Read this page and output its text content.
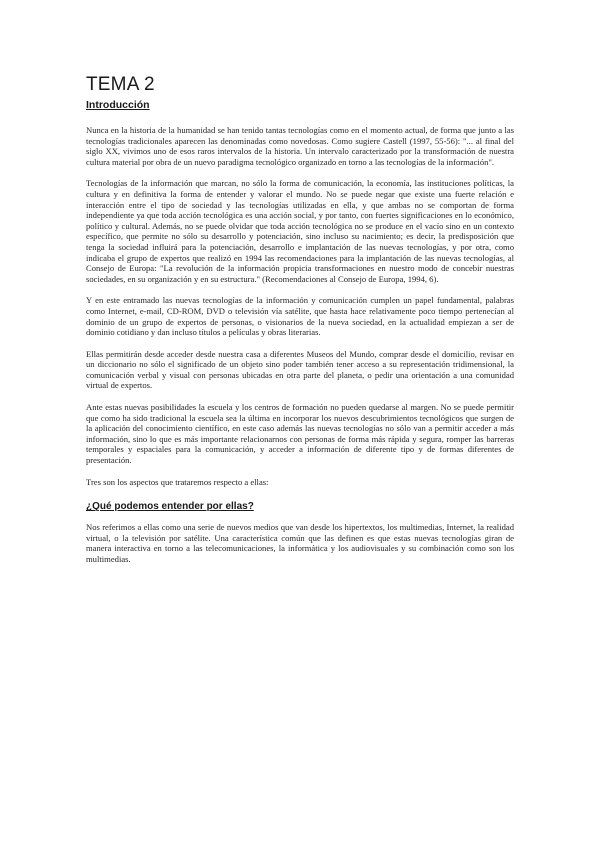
TEMA 2
Introducción

Nunca en la historia de la humanidad se han tenido tantas tecnologías como en el momento actual, de forma que junto a las tecnologías tradicionales aparecen las denominadas como novedosas. Como sugiere Castell (1997, 55-56): "... al final del siglo XX, vivimos uno de esos raros intervalos de la historia. Un intervalo caracterizado por la transformación de nuestra cultura material por obra de un nuevo paradigma tecnológico organizado en torno a las tecnologías de la información".

Tecnologías de la información que marcan, no sólo la forma de comunicación, la economía, las instituciones políticas, la cultura y en definitiva la forma de entender y valorar el mundo. No se puede negar que existe una fuerte relación e interacción entre el tipo de sociedad y las tecnologías utilizadas en ella, y que ambas no se comportan de forma independiente ya que toda acción tecnológica es una acción social, y por tanto, con fuertes significaciones en lo económico, político y cultural. Además, no se puede olvidar que toda acción tecnológica no se produce en el vacío sino en un contexto específico, que permite no sólo su desarrollo y potenciación, sino incluso su nacimiento; es decir, la predisposición que tenga la sociedad influirá para la potenciación, desarrollo e implantación de las nuevas tecnologías, y por otra, como indicaba el grupo de expertos que realizó en 1994 las recomendaciones para la implantación de las nuevas tecnologías, al Consejo de Europa: "La revolución de la información propicia transformaciones en nuestro modo de concebir nuestras sociedades, en su organización y en su estructura." (Recomendaciones al Consejo de Europa, 1994, 6).

Y en este entramado las nuevas tecnologías de la información y comunicación cumplen un papel fundamental, palabras como Internet, e-mail, CD-ROM, DVD o televisión vía satélite, que hasta hace relativamente poco tiempo pertenecían al dominio de un grupo de expertos de personas, o visionarios de la nueva sociedad, en la actualidad empiezan a ser de dominio cotidiano y dan incluso títulos a películas y obras literarias.

Ellas permitirán desde acceder desde nuestra casa a diferentes Museos del Mundo, comprar desde el domicilio, revisar en un diccionario no sólo el significado de un objeto sino poder también tener acceso a su representación tridimensional, la comunicación verbal y visual con personas ubicadas en otra parte del planeta, o pedir una orientación a una comunidad virtual de expertos.

Ante estas nuevas posibilidades la escuela y los centros de formación no pueden quedarse al margen. No se puede permitir que como ha sido tradicional la escuela sea la última en incorporar los nuevos descubrimientos tecnológicos que surgen de la aplicación del conocimiento científico, en este caso además las nuevas tecnologías no sólo van a permitir acceder a más información, sino lo que es más importante relacionarnos con personas de forma más rápida y segura, romper las barreras temporales y espaciales para la comunicación, y acceder a información de diferente tipo y de formas diferentes de presentación.

Tres son los aspectos que trataremos respecto a ellas:

¿Qué podemos entender por ellas?

Nos referimos a ellas como una serie de nuevos medios que van desde los hipertextos, los multimedias, Internet, la realidad virtual, o la televisión por satélite. Una característica común que las definen es que estas nuevas tecnologías giran de manera interactiva en torno a las telecomunicaciones, la informática y los audiovisuales y su combinación como son los multimedias.
